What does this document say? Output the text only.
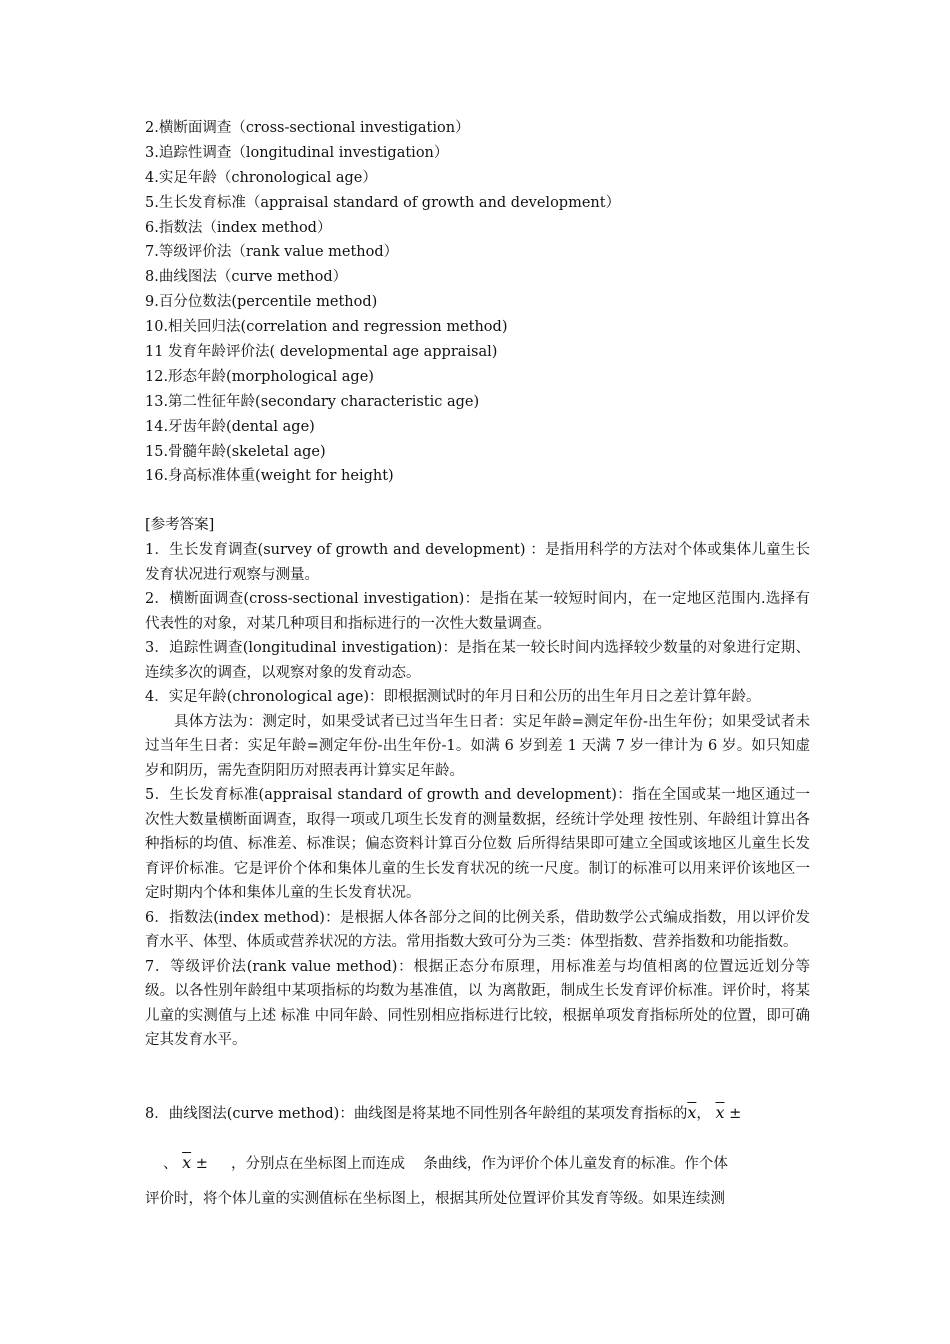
2.横断面调查（cross-sectional investigation）
3.追踪性调查（longitudinal investigation）
4.实足年龄（chronological age）
5.生长发育标准（appraisal standard of growth and development）
6.指数法（index method）
7.等级评价法（rank value method）
8.曲线图法（curve method）
9.百分位数法(percentile method)
10.相关回归法(correlation and regression method)
11 发育年龄评价法( developmental age appraisal)
12.形态年龄(morphological age)
13.第二性征年龄(secondary characteristic age)
14.牙齿年龄(dental age)
15.骨髓年龄(skeletal age)
16.身高标准体重(weight for height)
[参考答案]
1．生长发育调查(survey of growth and development) ：是指用科学的方法对个体或集体儿童生长发育状况进行观察与测量。
2．横断面调查(cross-sectional investigation)：是指在某一较短时间内，在一定地区范围内.选择有代表性的对象，对某几种项目和指标进行的一次性大数量调查。
3．追踪性调查(longitudinal investigation)：是指在某一较长时间内选择较少数量的对象进行定期、连续多次的调查，以观察对象的发育动态。
4．实足年龄(chronological age)：即根据测试时的年月日和公历的出生年月日之差计算年龄。
具体方法为：测定时，如果受试者已过当年生日者：实足年龄=测定年份-出生年份；如果受试者未过当年生日者：实足年龄=测定年份-出生年份-1。如满 6 岁到差 1 天满 7 岁一律计为 6 岁。如只知虚岁和阴历，需先查阴阳历对照表再计算实足年龄。
5．生长发育标准(appraisal standard of growth and development)：指在全国或某一地区通过一次性大数量横断面调查，取得一项或几项生长发育的测量数据，经统计学处理 按性别、年龄组计算出各种指标的均值、标准差、标准误；偏态资料计算百分位数 后所得结果即可建立全国或该地区儿童生长发育评价标准。它是评价个体和集体儿童的生长发育状况的统一尺度。制订的标准可以用来评价该地区一定时期内个体和集体儿童的生长发育状况。
6．指数法(index method)：是根据人体各部分之间的比例关系，借助数学公式编成指数，用以评价发育水平、体型、体质或营养状况的方法。常用指数大致可分为三类：体型指数、营养指数和功能指数。
7．等级评价法(rank value method)：根据正态分布原理，用标准差与均值相离的位置远近划分等级。以各性别年龄组中某项指标的均数为基准值，以 为离散距，制成生长发育评价标准。评价时，将某儿童的实测值与上述 标准 中同年龄、同性别相应指标进行比较，根据单项发育指标所处的位置，即可确定其发育水平。
8．曲线图法(curve method)：曲线图是将某地不同性别各年龄组的某项发育指标的$\overline{x}$， $\overline{x}$ ±
、 $\overline{x}$ ± ，分别点在坐标图上而连成 条曲线，作为评价个体儿童发育的标准。作个体
评价时，将个体儿童的实测值标在坐标图上，根据其所处位置评价其发育等级。如果连续测
